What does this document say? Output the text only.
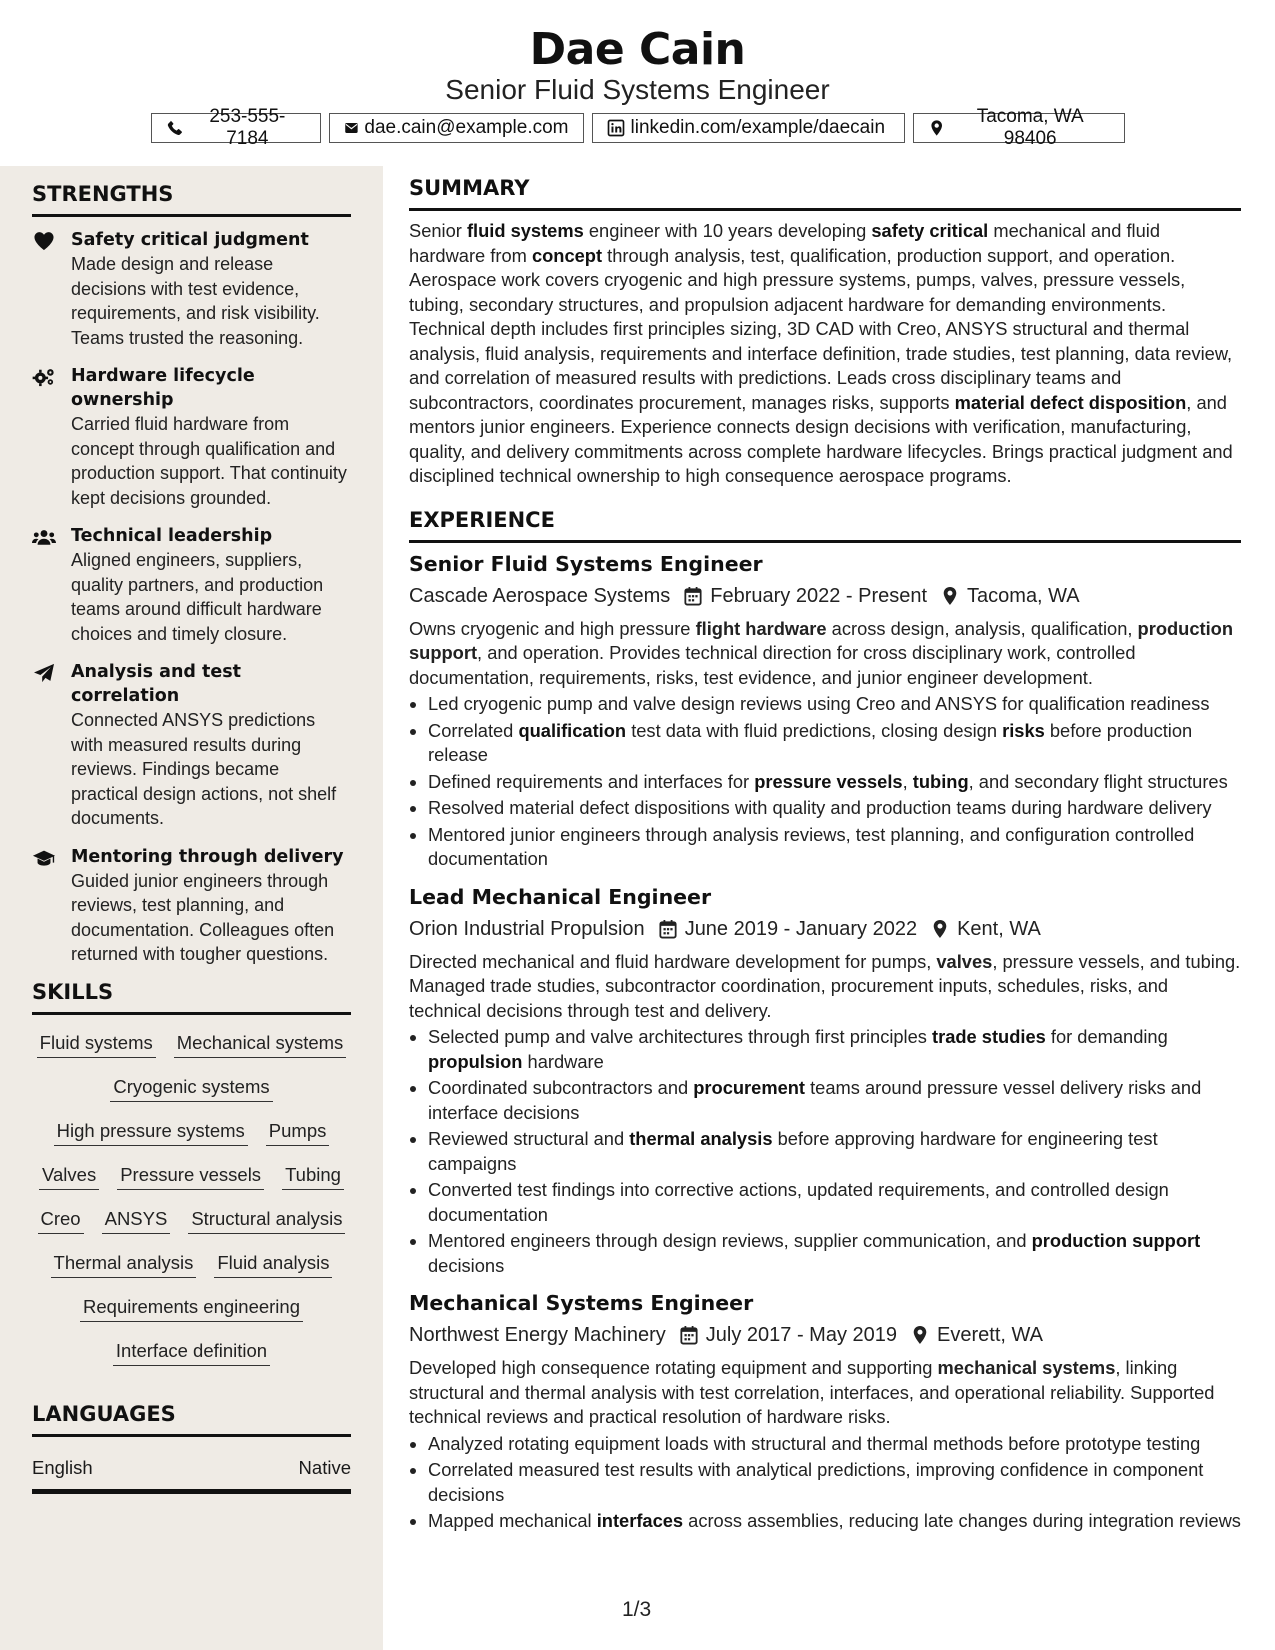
Dae Cain
Senior Fluid Systems Engineer
253-555-7184
dae.cain@example.com	linkedin.com/example/daecain
Tacoma, WA 98406
STRENGTHS
Safety critical judgment
Made design and release decisions with test evidence, requirements, and risk visibility. Teams trusted the reasoning.
Hardware lifecycle ownership
Carried fluid hardware from concept through qualification and production support. That continuity kept decisions grounded.
Technical leadership
Aligned engineers, suppliers, quality partners, and production teams around difficult hardware choices and timely closure.
Analysis and test correlation
Connected ANSYS predictions with measured results during reviews. Findings became practical design actions, not shelf documents.
Mentoring through delivery
Guided junior engineers through reviews, test planning, and documentation. Colleagues often returned with tougher questions.
SKILLS
Fluid systems Mechanical systems
Cryogenic systems
High pressure systems Pumps
Valves Pressure vessels Tubing
Creo ANSYS Structural analysis
Thermal analysis Fluid analysis
Requirements engineering
Interface definition
LANGUAGES
English	Native
SUMMARY

Senior fluid systems engineer with 10 years developing safety critical mechanical and fluid hardware from concept through analysis, test, qualification, production support, and operation. Aerospace work covers cryogenic and high pressure systems, pumps, valves, pressure vessels, tubing, secondary structures, and propulsion adjacent hardware for demanding environments. Technical depth includes first principles sizing, 3D CAD with Creo, ANSYS structural and thermal analysis, fluid analysis, requirements and interface definition, trade studies, test planning, data review, and correlation of measured results with predictions. Leads cross disciplinary teams and subcontractors, coordinates procurement, manages risks, supports material defect disposition, and mentors junior engineers. Experience connects design decisions with verification, manufacturing, quality, and delivery commitments across complete hardware lifecycles. Brings practical judgment and disciplined technical ownership to high consequence aerospace programs.

EXPERIENCE
Senior Fluid Systems Engineer
Cascade Aerospace Systems February 2022 - Present Tacoma, WA

Owns cryogenic and high pressure flight hardware across design, analysis, qualification, production support, and operation. Provides technical direction for cross disciplinary work, controlled documentation, requirements, risks, test evidence, and junior engineer development.

• Led cryogenic pump and valve design reviews using Creo and ANSYS for qualification readiness
• Correlated qualification test data with fluid predictions, closing design risks before production release
• Defined requirements and interfaces for pressure vessels, tubing, and secondary flight structures
• Resolved material defect dispositions with quality and production teams during hardware delivery
• Mentored junior engineers through analysis reviews, test planning, and configuration controlled documentation
Lead Mechanical Engineer
Orion Industrial Propulsion June 2019 - January 2022 Kent, WA

Directed mechanical and fluid hardware development for pumps, valves, pressure vessels, and tubing. Managed trade studies, subcontractor coordination, procurement inputs, schedules, risks, and technical decisions through test and delivery.

• Selected pump and valve architectures through first principles trade studies for demanding propulsion hardware
• Coordinated subcontractors and procurement teams around pressure vessel delivery risks and interface decisions
• Reviewed structural and thermal analysis before approving hardware for engineering test campaigns
• Converted test findings into corrective actions, updated requirements, and controlled design documentation
• Mentored engineers through design reviews, supplier communication, and production support decisions
Mechanical Systems Engineer
Northwest Energy Machinery July 2017 - May 2019 Everett, WA

Developed high consequence rotating equipment and supporting mechanical systems, linking structural and thermal analysis with test correlation, interfaces, and operational reliability. Supported technical reviews and practical resolution of hardware risks.

• Analyzed rotating equipment loads with structural and thermal methods before prototype testing
• Correlated measured test results with analytical predictions, improving confidence in component decisions
• Mapped mechanical interfaces across assemblies, reducing late changes during integration reviews
1/3
